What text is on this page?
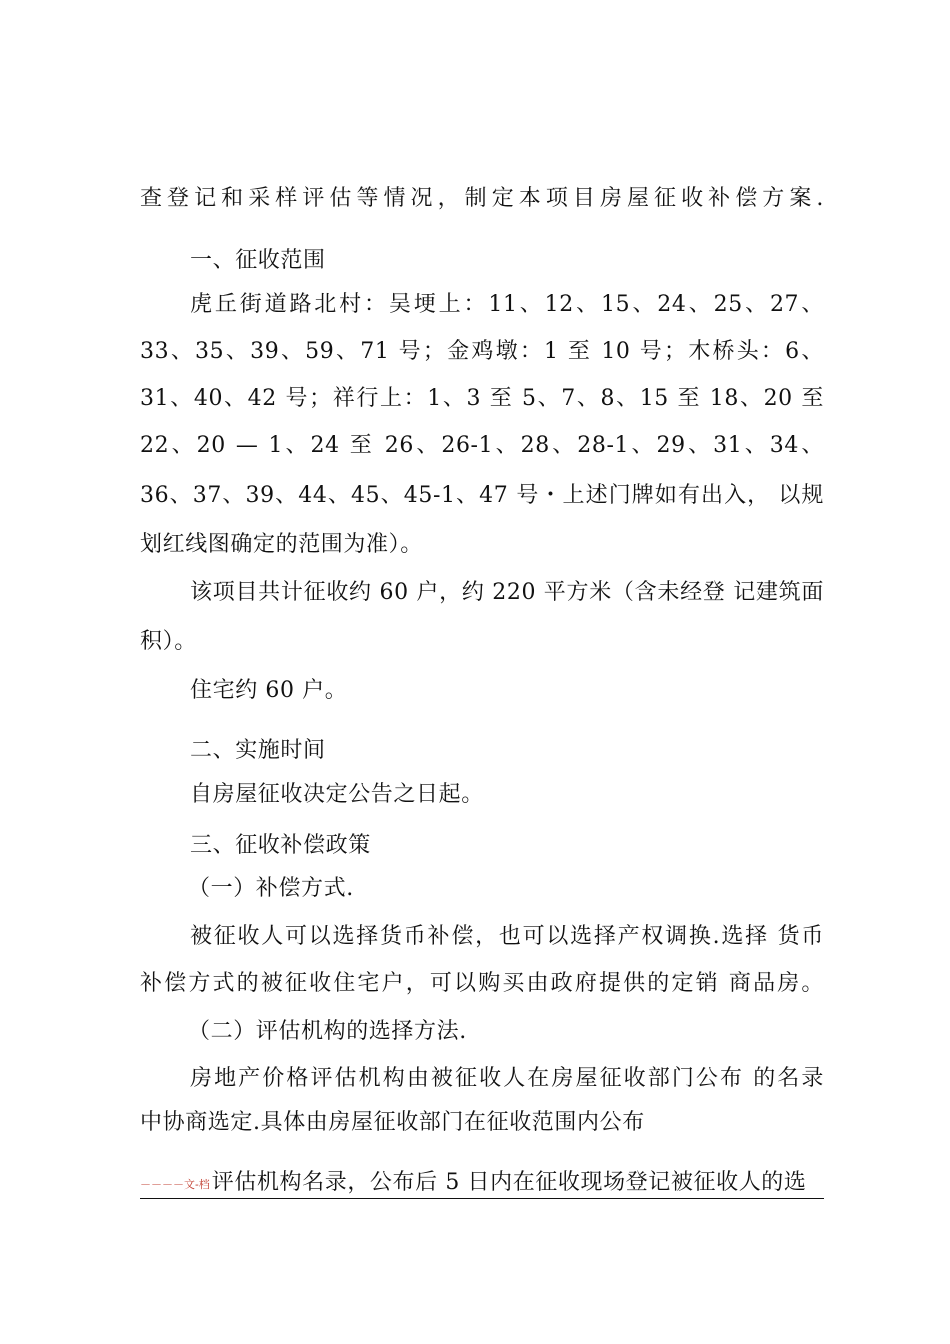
查登记和采样评估等情况，制定本项目房屋征收补偿方案.
一、征收范围
虎丘街道路北村：吴埂上：11、12、15、24、25、27、
33、35、39、59、71 号；金鸡墩：1 至 10 号；木桥头：6、
31、40、42 号；祥行上：1、3 至 5、7、8、15 至 18、20 至
22、20 — 1、24 至 26、26-1、28、28-1、29、31、34、
36、37、39、44、45、45-1、47 号・上述门牌如有出入， 以规
划红线图确定的范围为准）。
该项目共计征收约 60 户，约 220 平方米（含未经登 记建筑面
积）。
住宅约 60 户。
二、实施时间
自房屋征收决定公告之日起。
三、征收补偿政策
（一）补偿方式.
被征收人可以选择货币补偿，也可以选择产权调换.选择 货币
补偿方式的被征收住宅户，可以购买由政府提供的定销 商品房。
（二）评估机构的选择方法.
房地产价格评估机构由被征收人在房屋征收部门公布 的名录
中协商选定.具体由房屋征收部门在征收范围内公布
－－－－文-档评估机构名录，公布后 5 日内在征收现场登记被征收人的选
